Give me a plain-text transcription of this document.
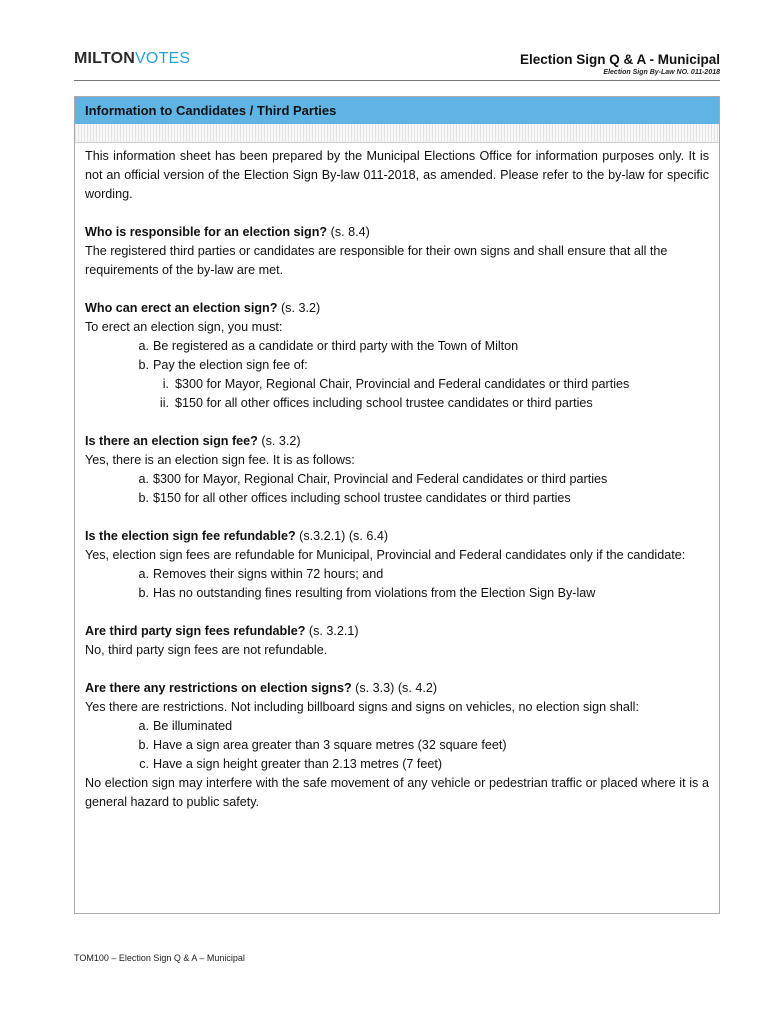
MILTONVOTES	Election Sign Q & A - Municipal
Election Sign By-Law NO. 011-2018
Information to Candidates / Third Parties

This information sheet has been prepared by the Municipal Elections Office for information purposes only. It is not an official version of the Election Sign By-law 011-2018, as amended. Please refer to the by-law for specific wording.

Who is responsible for an election sign? (s. 8.4)

The registered third parties or candidates are responsible for their own signs and shall ensure that all the requirements of the by-law are met.

Who can erect an election sign? (s. 3.2)

To erect an election sign, you must:

a. Be registered as a candidate or third party with the Town of Milton
b. Pay the election sign fee of:
i. $300 for Mayor, Regional Chair, Provincial and Federal candidates or third parties
ii. $150 for all other offices including school trustee candidates or third parties

Is there an election sign fee? (s. 3.2)

Yes, there is an election sign fee. It is as follows:

a. $300 for Mayor, Regional Chair, Provincial and Federal candidates or third parties
b. $150 for all other offices including school trustee candidates or third parties

Is the election sign fee refundable? (s.3.2.1) (s. 6.4)

Yes, election sign fees are refundable for Municipal, Provincial and Federal candidates only if the candidate:

a. Removes their signs within 72 hours; and
b. Has no outstanding fines resulting from violations from the Election Sign By-law

Are third party sign fees refundable? (s. 3.2.1)

No, third party sign fees are not refundable.

Are there any restrictions on election signs? (s. 3.3) (s. 4.2)

Yes there are restrictions. Not including billboard signs and signs on vehicles, no election sign shall:

a. Be illuminated
b. Have a sign area greater than 3 square metres (32 square feet)
c. Have a sign height greater than 2.13 metres (7 feet)

No election sign may interfere with the safe movement of any vehicle or pedestrian traffic or placed where it is a general hazard to public safety.

TOM100 – Election Sign Q & A – Municipal
